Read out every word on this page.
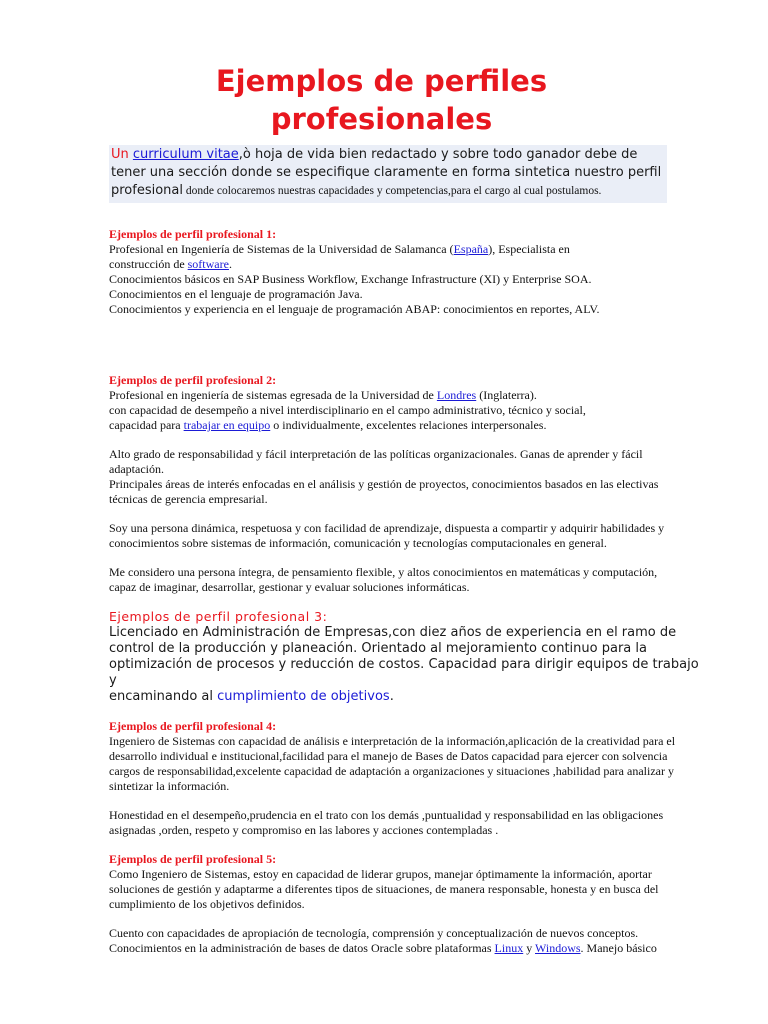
Ejemplos de perfiles
profesionales
Un curriculum vitae,ò hoja de vida bien redactado y sobre todo ganador debe de
tener una sección donde se especifique claramente en forma sintetica nuestro perfil
profesional donde colocaremos nuestras capacidades y competencias,para el cargo al cual postulamos.
Ejemplos de perfil profesional 1:
Profesional en Ingeniería de Sistemas de la Universidad de Salamanca (España), Especialista en
construcción de software.
Conocimientos básicos en SAP Business Workflow, Exchange Infrastructure (XI) y Enterprise SOA.
Conocimientos en el lenguaje de programación Java.
Conocimientos y experiencia en el lenguaje de programación ABAP: conocimientos en reportes, ALV.
Ejemplos de perfil profesional 2:
Profesional en ingeniería de sistemas egresada de la Universidad de Londres (Inglaterra).
con capacidad de desempeño a nivel interdisciplinario en el campo administrativo, técnico y social,
capacidad para trabajar en equipo o individualmente, excelentes relaciones interpersonales.
Alto grado de responsabilidad y fácil interpretación de las políticas organizacionales. Ganas de aprender y fácil
adaptación.
Principales áreas de interés enfocadas en el análisis y gestión de proyectos, conocimientos basados en las electivas
técnicas de gerencia empresarial.
Soy una persona dinámica, respetuosa y con facilidad de aprendizaje, dispuesta a compartir y adquirir habilidades y
conocimientos sobre sistemas de información, comunicación y tecnologías computacionales en general.
Me considero una persona íntegra, de pensamiento flexible, y altos conocimientos en matemáticas y computación,
capaz de imaginar, desarrollar, gestionar y evaluar soluciones informáticas.
Ejemplos de perfil profesional 3:
Licenciado en Administración de Empresas,con diez años de experiencia en el ramo de
control de la producción y planeación. Orientado al mejoramiento continuo para la
optimización de procesos y reducción de costos. Capacidad para dirigir equipos de trabajo y
encaminando al cumplimiento de objetivos.
Ejemplos de perfil profesional 4:
Ingeniero de Sistemas con capacidad de análisis e interpretación de la información,aplicación de la creatividad para el
desarrollo individual e institucional,facilidad para el manejo de Bases de Datos capacidad para ejercer con solvencia
cargos de responsabilidad,excelente capacidad de adaptación a organizaciones y situaciones ,habilidad para analizar y
sintetizar la información.
Honestidad en el desempeño,prudencia en el trato con los demás ,puntualidad y responsabilidad en las obligaciones
asignadas ,orden, respeto y compromiso en las labores y acciones contempladas .
Ejemplos de perfil profesional 5:
Como Ingeniero de Sistemas, estoy en capacidad de liderar grupos, manejar óptimamente la información, aportar
soluciones de gestión y adaptarme a diferentes tipos de situaciones, de manera responsable, honesta y en busca del
cumplimiento de los objetivos definidos.
Cuento con capacidades de apropiación de tecnología, comprensión y conceptualización de nuevos conceptos.
Conocimientos en la administración de bases de datos Oracle sobre plataformas Linux y Windows. Manejo básico
